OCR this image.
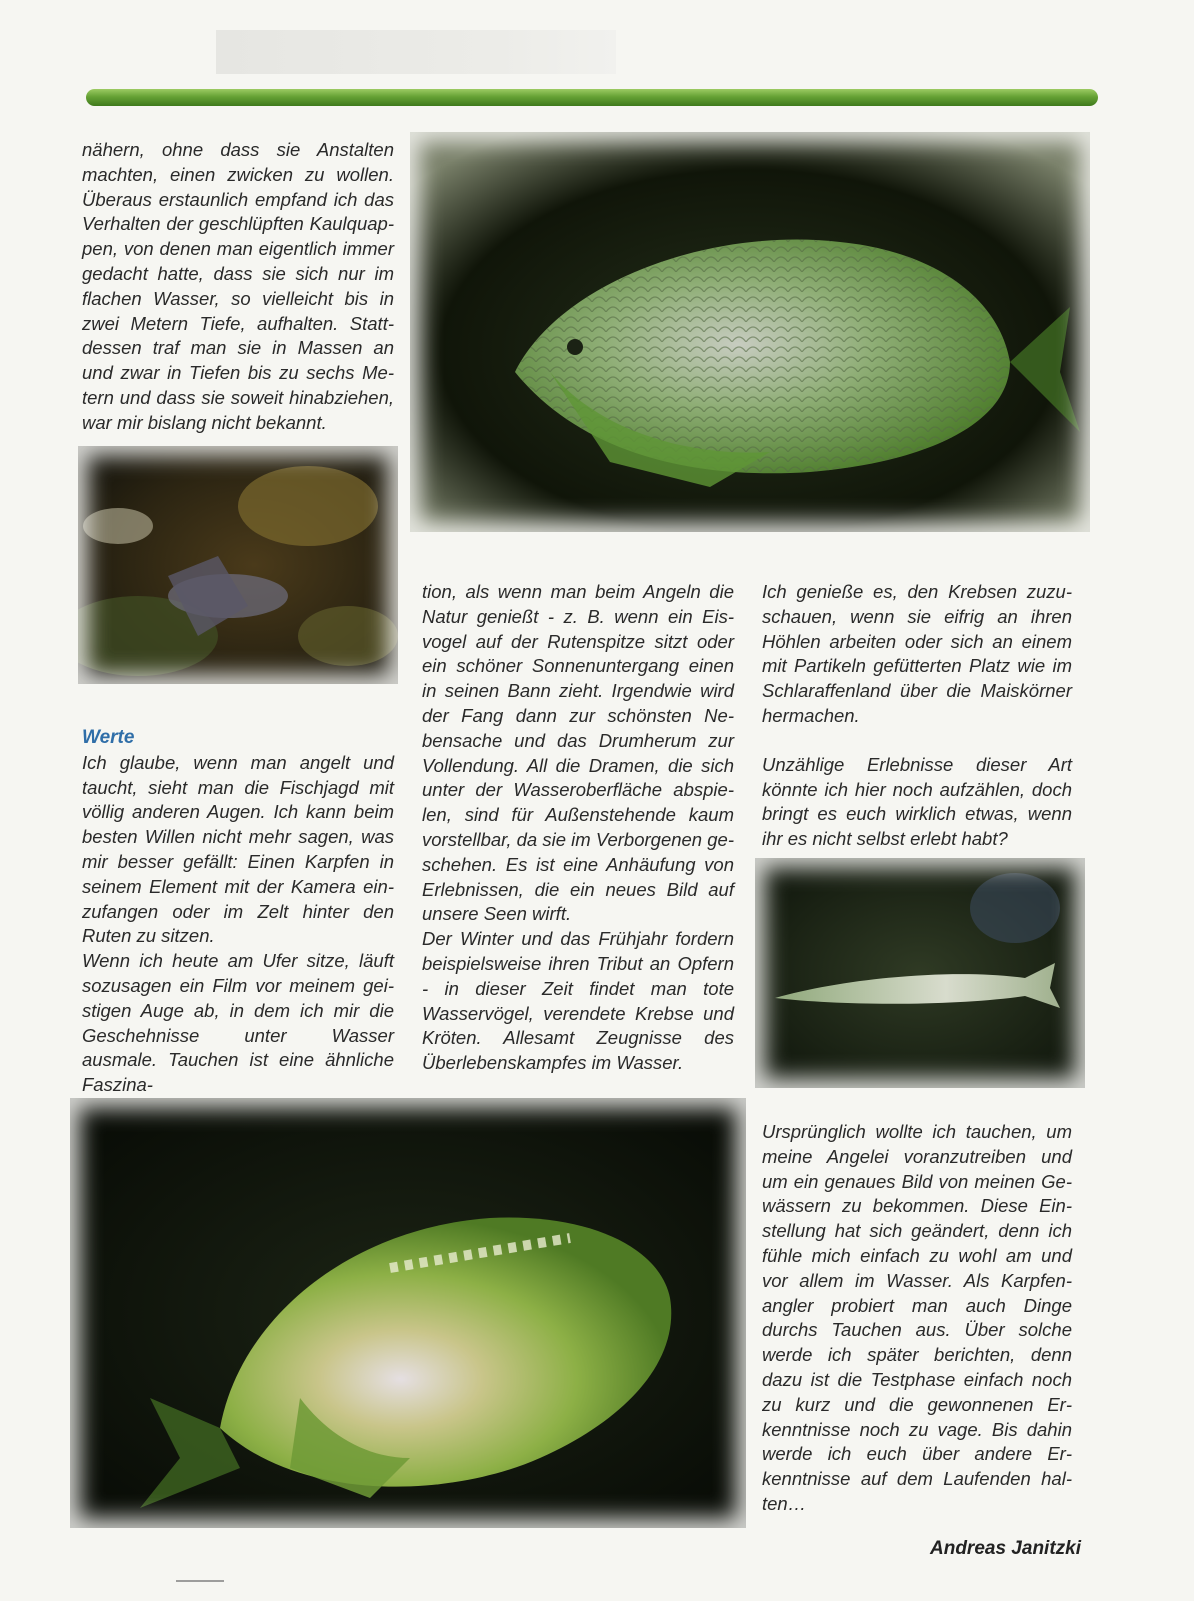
nähern, ohne dass sie Anstalten machten, einen zwicken zu wollen. Überaus erstaunlich empfand ich das Verhalten der geschlüpften Kaulquappen, von denen man eigentlich immer gedacht hatte, dass sie sich nur im flachen Wasser, so vielleicht bis in zwei Metern Tiefe, aufhalten. Stattdessen traf man sie in Massen an und zwar in Tiefen bis zu sechs Metern und dass sie soweit hinabziehen, war mir bislang nicht bekannt.

Werte

Ich glaube, wenn man angelt und taucht, sieht man die Fischjagd mit völlig anderen Augen. Ich kann beim besten Willen nicht mehr sagen, was mir besser gefällt: Einen Karpfen in seinem Element mit der Kamera einzufangen oder im Zelt hinter den Ruten zu sitzen.

Wenn ich heute am Ufer sitze, läuft sozusagen ein Film vor meinem geistigen Auge ab, in dem ich mir die Geschehnisse unter Wasser ausmale. Tauchen ist eine ähnliche Faszina-

tion, als wenn man beim Angeln die Natur genießt - z. B. wenn ein Eisvogel auf der Rutenspitze sitzt oder ein schöner Sonnenuntergang einen in seinen Bann zieht. Irgendwie wird der Fang dann zur schönsten Nebensache und das Drumherum zur Vollendung. All die Dramen, die sich unter der Wasseroberfläche abspielen, sind für Außenstehende kaum vorstellbar, da sie im Verborgenen geschehen. Es ist eine Anhäufung von Erlebnissen, die ein neues Bild auf unsere Seen wirft.

Der Winter und das Frühjahr fordern beispielsweise ihren Tribut an Opfern - in dieser Zeit findet man tote Wasservögel, verendete Krebse und Kröten. Allesamt Zeugnisse des Überlebenskampfes im Wasser.

Ich genieße es, den Krebsen zuzuschauen, wenn sie eifrig an ihren Höhlen arbeiten oder sich an einem mit Partikeln gefütterten Platz wie im Schlaraffenland über die Maiskörner hermachen.

Unzählige Erlebnisse dieser Art könnte ich hier noch aufzählen, doch bringt es euch wirklich etwas, wenn ihr es nicht selbst erlebt habt?

Ursprünglich wollte ich tauchen, um meine Angelei voranzutreiben und um ein genaues Bild von meinen Gewässern zu bekommen. Diese Einstellung hat sich geändert, denn ich fühle mich einfach zu wohl am und vor allem im Wasser. Als Karpfenangler probiert man auch Dinge durchs Tauchen aus. Über solche werde ich später berichten, denn dazu ist die Testphase einfach noch zu kurz und die gewonnenen Erkenntnisse noch zu vage. Bis dahin werde ich euch über andere Erkenntnisse auf dem Laufenden halten…

Andreas Janitzki
